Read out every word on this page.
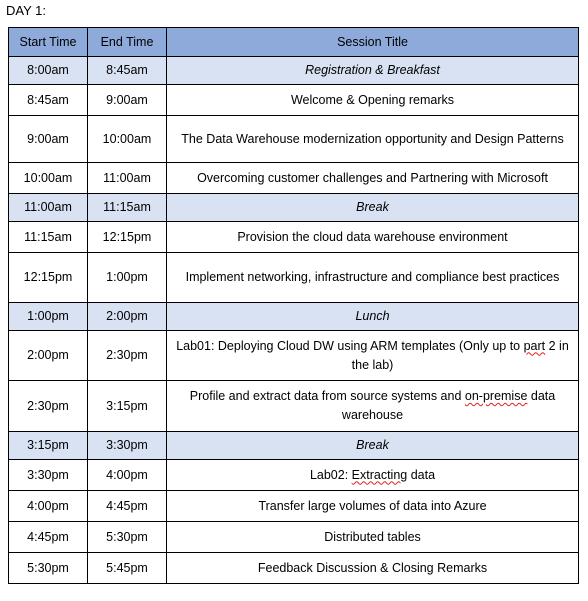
DAY 1:
Start Time	End Time	Session Title
8:00am	8:45am	Registration & Breakfast
8:45am	9:00am	Welcome & Opening remarks
9:00am	10:00am	The Data Warehouse modernization opportunity and Design Patterns
10:00am	11:00am	Overcoming customer challenges and Partnering with Microsoft
11:00am	11:15am	Break
11:15am	12:15pm	Provision the cloud data warehouse environment
12:15pm	1:00pm	Implement networking, infrastructure and compliance best practices
1:00pm	2:00pm	Lunch
2:00pm	2:30pm	Lab01: Deploying Cloud DW using ARM templates (Only up to part 2 in the lab)
2:30pm	3:15pm	Profile and extract data from source systems and on-premise data warehouse
3:15pm	3:30pm	Break
3:30pm	4:00pm	Lab02: Extracting data
4:00pm	4:45pm	Transfer large volumes of data into Azure
4:45pm	5:30pm	Distributed tables
5:30pm	5:45pm	Feedback Discussion & Closing Remarks
